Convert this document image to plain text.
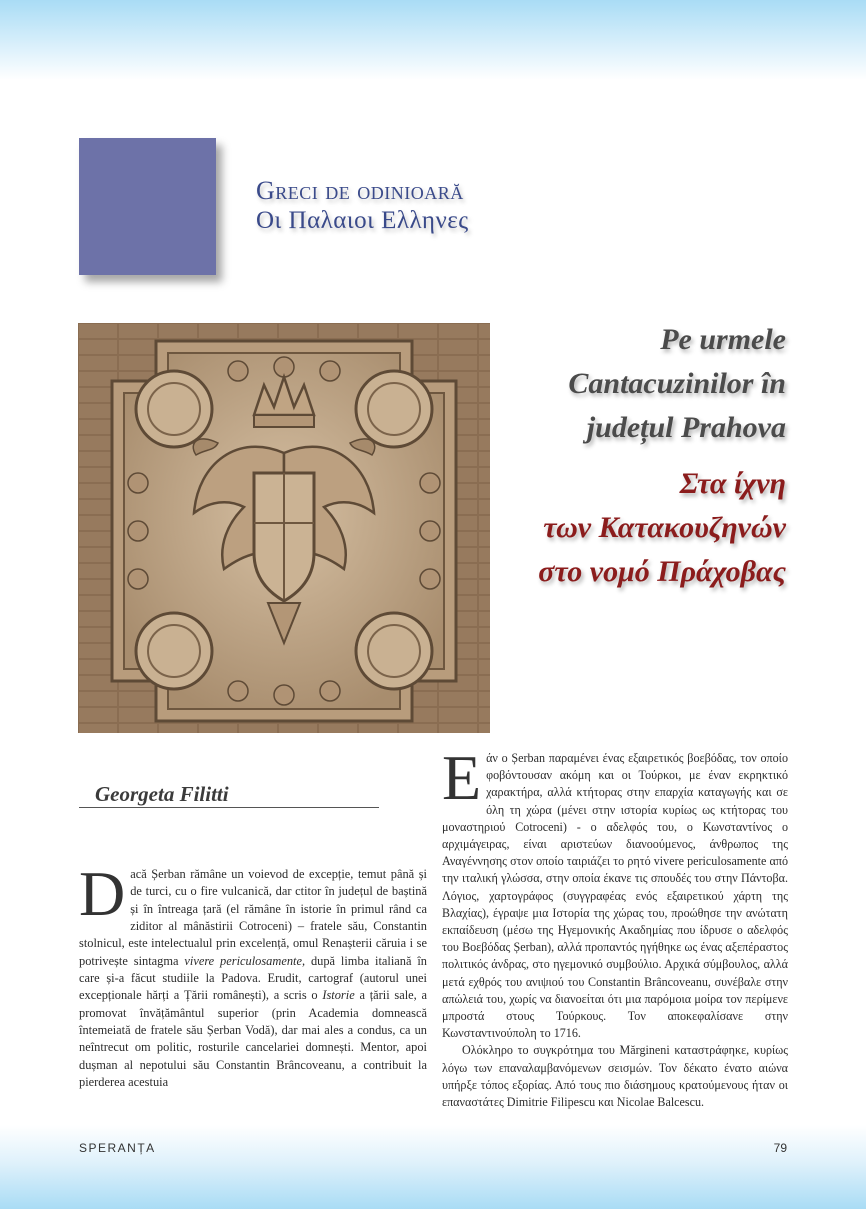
Greci de odinioară
Οι Παλαιοι Ελληνες
Pe urmele
Cantacuzinilor în
județul Prahova
Στα ίχνη
των Κατακουζηνών
στο νομό Πράχοβας
Georgeta Filitti

Dacă Șerban rămâne un voievod de excepție, temut până și de turci, cu o fire vulcanică, dar ctitor în județul de baștină și în întreaga țară (el rămâne în istorie în primul rând ca ziditor al mânăstirii Cotroceni) – fratele său, Constantin stolnicul, este intelectualul prin excelență, omul Renașterii căruia i se potrivește sintagma vivere periculosamente, după limba italiană în care și-a făcut studiile la Padova. Erudit, cartograf (autorul unei excepționale hărți a Țării românești), a scris o Istorie a țării sale, a promovat învățământul superior (prin Academia domnească întemeiată de fratele său Șerban Vodă), dar mai ales a condus, ca un neîntrecut om politic, rosturile cancelariei domnești. Mentor, apoi dușman al nepotului său Constantin Brâncoveanu, a contribuit la pierderea acestuia

Εάν ο Șerban παραμένει ένας εξαιρετικός βοεβόδας, τον οποίο φοβόντουσαν ακόμη και οι Τούρκοι, με έναν εκρηκτικό χαρακτήρα, αλλά κτήτορας στην επαρχία καταγωγής και σε όλη τη χώρα (μένει στην ιστορία κυρίως ως κτήτορας του μοναστηριού Cotroceni) - ο αδελφός του, ο Κωνσταντίνος ο αρχιμάγειρας, είναι αριστεύων διανοούμενος, άνθρωπος της Αναγέννησης στον οποίο ταιριάζει το ρητό vivere periculosamente από την ιταλική γλώσσα, στην οποία έκανε τις σπουδές του στην Πάντοβα. Λόγιος, χαρτογράφος (συγγραφέας ενός εξαιρετικού χάρτη της Βλαχίας), έγραψε μια Ιστορία της χώρας του, προώθησε την ανώτατη εκπαίδευση (μέσω της Ηγεμονικής Ακαδημίας που ίδρυσε ο αδελφός του Βοεβόδας Șerban), αλλά προπαντός ηγήθηκε ως ένας αξεπέραστος πολιτικός άνδρας, στο ηγεμονικό συμβούλιο. Αρχικά σύμβουλος, αλλά μετά εχθρός του ανιψιού του Constantin Brâncoveanu, συνέβαλε στην απώλειά του, χωρίς να διανοείται ότι μια παρόμοια μοίρα τον περίμενε μπροστά στους Τούρκους. Τον αποκεφαλίσανε στην Κωνσταντινούπολη το 1716.

Ολόκληρο το συγκρότημα του Mărgineni καταστράφηκε, κυρίως λόγω των επαναλαμβανόμενων σεισμών. Τον δέκατο ένατο αιώνα υπήρξε τόπος εξορίας. Από τους πιο διάσημους κρατούμενους ήταν οι επαναστάτες Dimitrie Filipescu και Nicolae Balcescu.

SPERANȚA	79
